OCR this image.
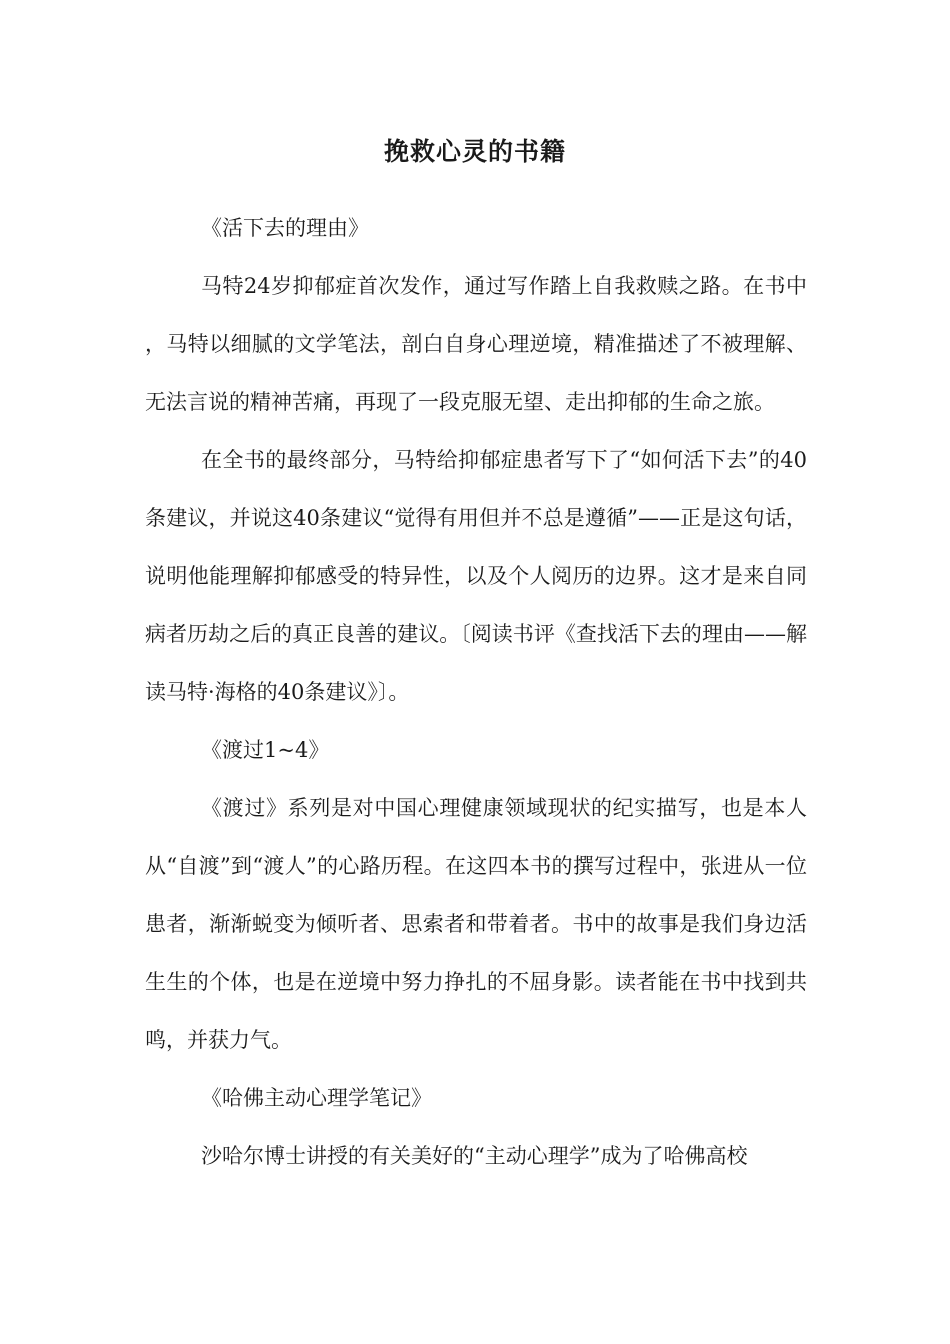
挽救心灵的书籍

《活下去的理由》

马特24岁抑郁症首次发作，通过写作踏上自我救赎之路。在书中，马特以细腻的文学笔法，剖白自身心理逆境，精准描述了不被理解、无法言说的精神苦痛，再现了一段克服无望、走出抑郁的生命之旅。

在全书的最终部分，马特给抑郁症患者写下了“如何活下去”的40条建议，并说这40条建议“觉得有用但并不总是遵循”——正是这句话，说明他能理解抑郁感受的特异性，以及个人阅历的边界。这才是来自同病者历劫之后的真正良善的建议。〔阅读书评《查找活下去的理由——解读马特·海格的40条建议》〕。

《渡过1~4》

《渡过》系列是对中国心理健康领域现状的纪实描写，也是本人从“自渡”到“渡人”的心路历程。在这四本书的撰写过程中，张进从一位患者，渐渐蜕变为倾听者、思索者和带着者。书中的故事是我们身边活生生的个体，也是在逆境中努力挣扎的不屈身影。读者能在书中找到共鸣，并获力气。

《哈佛主动心理学笔记》

沙哈尔博士讲授的有关美好的“主动心理学”成为了哈佛高校
